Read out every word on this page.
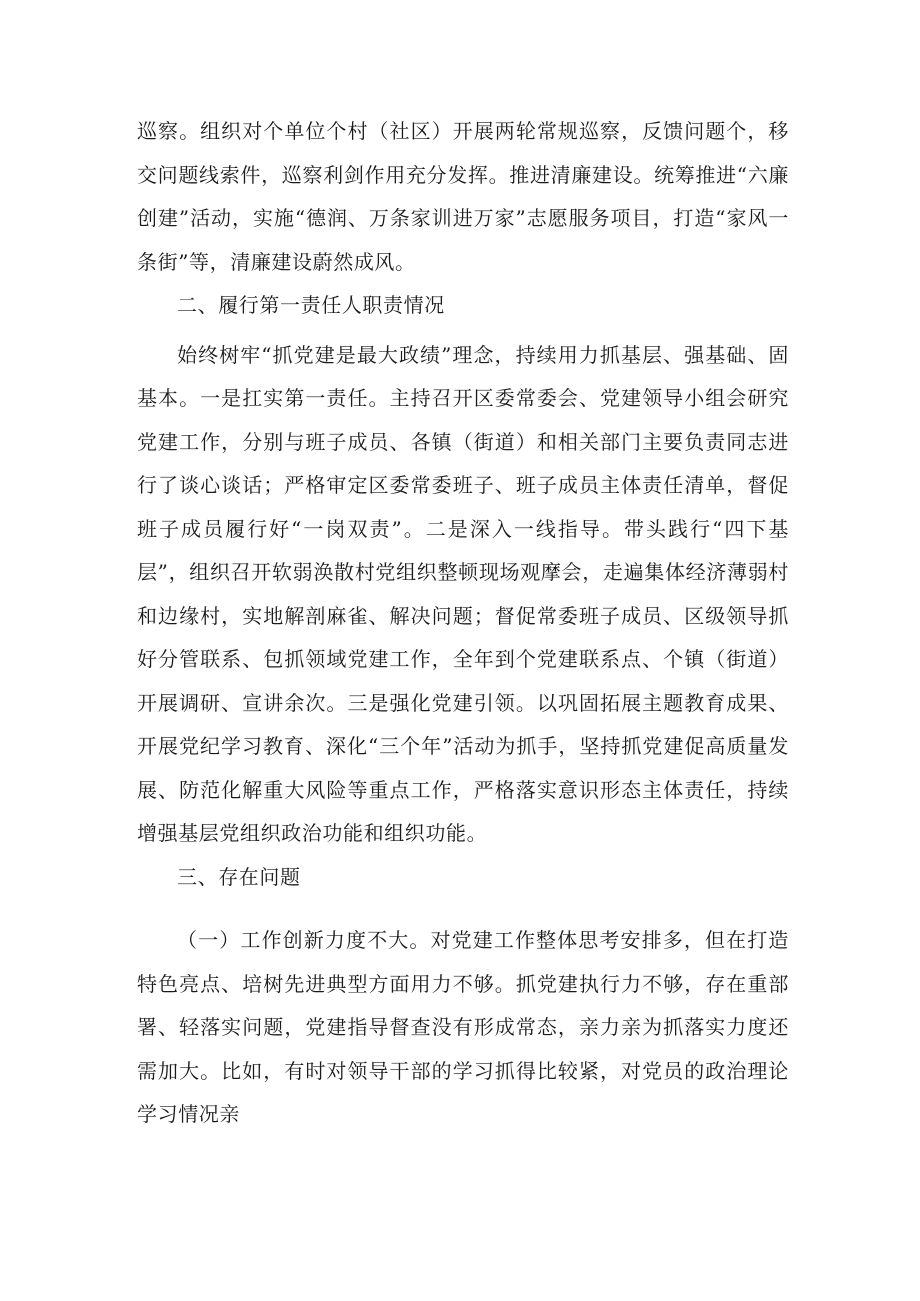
巡察。组织对个单位个村（社区）开展两轮常规巡察，反馈问题个，移交问题线索件，巡察利剑作用充分发挥。推进清廉建设。统筹推进“六廉创建”活动，实施“德润、万条家训进万家”志愿服务项目，打造“家风一条街”等，清廉建设蔚然成风。

二、履行第一责任人职责情况

始终树牢“抓党建是最大政绩”理念，持续用力抓基层、强基础、固基本。一是扛实第一责任。主持召开区委常委会、党建领导小组会研究党建工作，分别与班子成员、各镇（街道）和相关部门主要负责同志进行了谈心谈话；严格审定区委常委班子、班子成员主体责任清单，督促班子成员履行好“一岗双责”。二是深入一线指导。带头践行“四下基层”，组织召开软弱涣散村党组织整顿现场观摩会，走遍集体经济薄弱村和边缘村，实地解剖麻雀、解决问题；督促常委班子成员、区级领导抓好分管联系、包抓领域党建工作，全年到个党建联系点、个镇（街道）开展调研、宣讲余次。三是强化党建引领。以巩固拓展主题教育成果、开展党纪学习教育、深化“三个年”活动为抓手，坚持抓党建促高质量发展、防范化解重大风险等重点工作，严格落实意识形态主体责任，持续增强基层党组织政治功能和组织功能。

三、存在问题

（一）工作创新力度不大。对党建工作整体思考安排多，但在打造特色亮点、培树先进典型方面用力不够。抓党建执行力不够，存在重部署、轻落实问题，党建指导督查没有形成常态，亲力亲为抓落实力度还需加大。比如，有时对领导干部的学习抓得比较紧，对党员的政治理论学习情况亲
